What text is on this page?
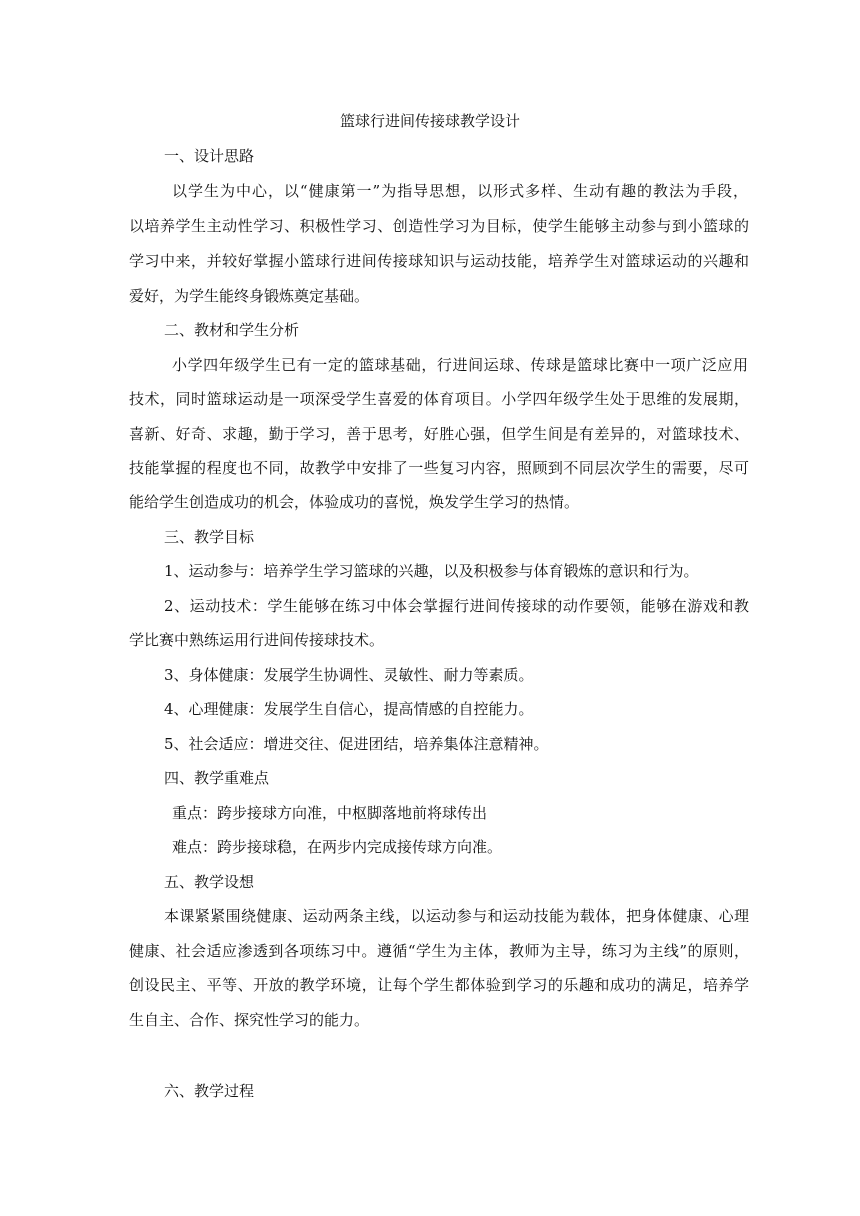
篮球行进间传接球教学设计
一、设计思路
以学生为中心，以“健康第一”为指导思想，以形式多样、生动有趣的教法为手段，
以培养学生主动性学习、积极性学习、创造性学习为目标，使学生能够主动参与到小篮球的
学习中来，并较好掌握小篮球行进间传接球知识与运动技能，培养学生对篮球运动的兴趣和
爱好，为学生能终身锻炼奠定基础。
二、教材和学生分析
小学四年级学生已有一定的篮球基础，行进间运球、传球是篮球比赛中一项广泛应用
技术，同时篮球运动是一项深受学生喜爱的体育项目。小学四年级学生处于思维的发展期，
喜新、好奇、求趣，勤于学习，善于思考，好胜心强，但学生间是有差异的，对篮球技术、
技能掌握的程度也不同，故教学中安排了一些复习内容，照顾到不同层次学生的需要，尽可
能给学生创造成功的机会，体验成功的喜悦，焕发学生学习的热情。
三、教学目标
1、运动参与：培养学生学习篮球的兴趣，以及积极参与体育锻炼的意识和行为。
2、运动技术：学生能够在练习中体会掌握行进间传接球的动作要领，能够在游戏和教
学比赛中熟练运用行进间传接球技术。
3、身体健康：发展学生协调性、灵敏性、耐力等素质。
4、心理健康：发展学生自信心，提高情感的自控能力。
5、社会适应：增进交往、促进团结，培养集体注意精神。
四、教学重难点
重点：跨步接球方向准，中枢脚落地前将球传出
难点：跨步接球稳，在两步内完成接传球方向准。
五、教学设想
本课紧紧围绕健康、运动两条主线，以运动参与和运动技能为载体，把身体健康、心理
健康、社会适应渗透到各项练习中。遵循“学生为主体，教师为主导，练习为主线”的原则，
创设民主、平等、开放的教学环境，让每个学生都体验到学习的乐趣和成功的满足，培养学
生自主、合作、探究性学习的能力。
六、教学过程
